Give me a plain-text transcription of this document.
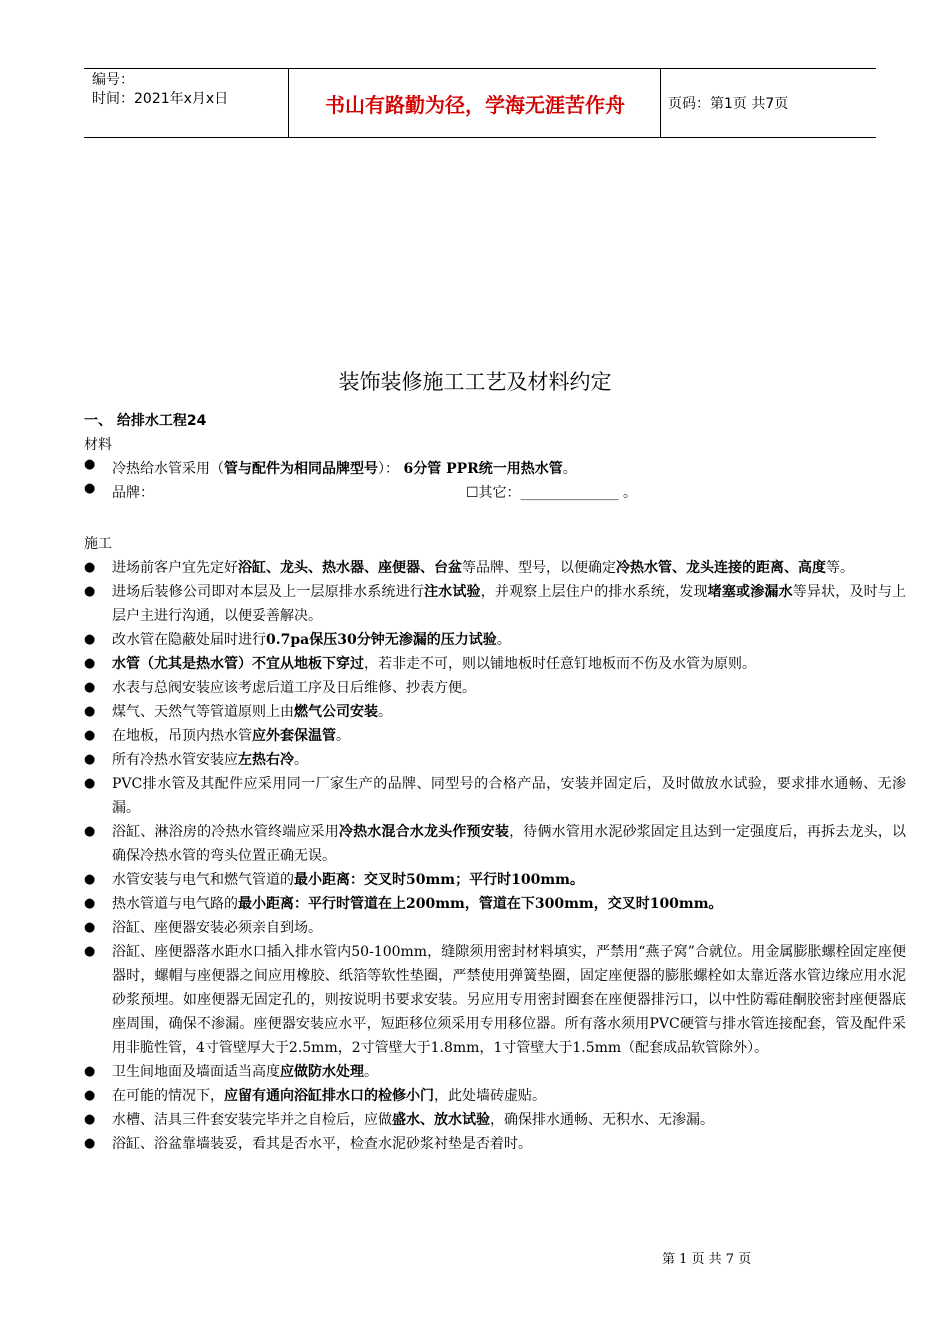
编号：
时间：2021年x月x日	书山有路勤为径，学海无涯苦作舟	页码：第1页 共7页
装饰装修施工工艺及材料约定
一、 给排水工程24
材料
● 冷热给水管采用（管与配件为相同品牌型号）： 6分管 PPR统一用热水管。
● 品牌：	☐其它：______________ 。
施工
● 进场前客户宜先定好浴缸、龙头、热水器、座便器、台盆等品牌、型号，以便确定冷热水管、龙头连接的距离、高度等。
● 进场后装修公司即对本层及上一层原排水系统进行注水试验，并观察上层住户的排水系统，发现堵塞或渗漏水等异状，及时与上层户主进行沟通，以便妥善解决。
● 改水管在隐蔽处届时进行0.7pa保压30分钟无渗漏的压力试验。
● 水管（尤其是热水管）不宜从地板下穿过，若非走不可，则以铺地板时任意钉地板而不伤及水管为原则。
● 水表与总阀安装应该考虑后道工序及日后维修、抄表方便。
● 煤气、天然气等管道原则上由燃气公司安装。
● 在地板，吊顶内热水管应外套保温管。
● 所有冷热水管安装应左热右冷。
● PVC排水管及其配件应采用同一厂家生产的品牌、同型号的合格产品，安装并固定后，及时做放水试验，要求排水通畅、无渗漏。
● 浴缸、淋浴房的冷热水管终端应采用冷热水混合水龙头作预安装，待俩水管用水泥砂浆固定且达到一定强度后，再拆去龙头，以确保冷热水管的弯头位置正确无误。
● 水管安装与电气和燃气管道的最小距离：交叉时50mm；平行时100mm。
● 热水管道与电气路的最小距离：平行时管道在上200mm，管道在下300mm，交叉时100mm。
● 浴缸、座便器安装必须亲自到场。
● 浴缸、座便器落水距水口插入排水管内50-100mm，缝隙须用密封材料填实，严禁用“燕子窝”合就位。用金属膨胀螺栓固定座便器时，螺帽与座便器之间应用橡胶、纸箔等软性垫圈，严禁使用弹簧垫圈，固定座便器的膨胀螺栓如太靠近落水管边缘应用水泥砂浆预埋。如座便器无固定孔的，则按说明书要求安装。另应用专用密封圈套在座便器排污口，以中性防霉硅酮胶密封座便器底座周围，确保不渗漏。座便器安装应水平，短距移位须采用专用移位器。所有落水须用PVC硬管与排水管连接配套，管及配件采用非脆性管，4寸管壁厚大于2.5mm，2寸管壁大于1.8mm，1寸管壁大于1.5mm（配套成品软管除外）。
● 卫生间地面及墙面适当高度应做防水处理。
● 在可能的情况下，应留有通向浴缸排水口的检修小门，此处墙砖虚贴。
● 水槽、洁具三件套安装完毕并之自检后，应做盛水、放水试验，确保排水通畅、无积水、无渗漏。
● 浴缸、浴盆靠墙装妥，看其是否水平，检查水泥砂浆衬垫是否着时。
第 1 页 共 7 页
